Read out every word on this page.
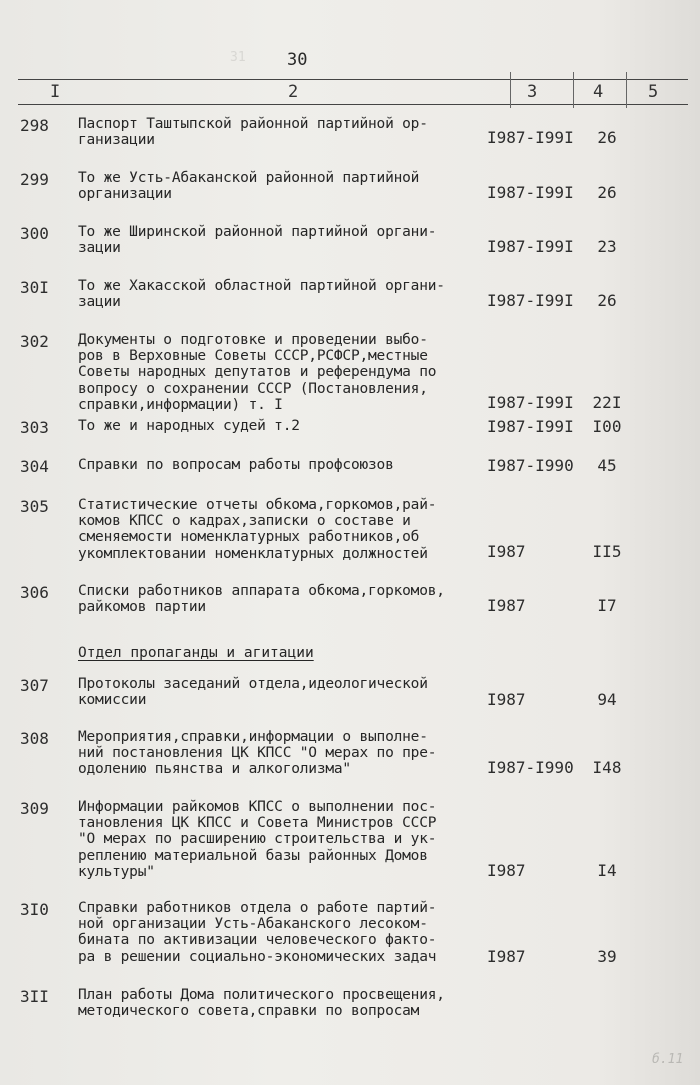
31 30
I	2	3	4	5
298 Паспорт Таштыпской районной партийной ор-
ганизации	I987-I99I	26
299 То же Усть-Абаканской районной партийной
организации	I987-I99I	26
300 То же Ширинской районной партийной органи-
зации	I987-I99I	23
30I То же Хакасской областной партийной органи-
зации	I987-I99I	26
302 Документы о подготовке и проведении выбо-
ров в Верховные Советы СССР,РСФСР,местные
Советы народных депутатов и референдума по
вопросу о сохранении СССР (Постановления,
справки,информации) т. I	I987-I99I 22I
303 То же и народных судей т.2	I987-I99I I00
304 Справки по вопросам работы профсоюзов	I987-I990	45
305 Статистические отчеты обкома,горкомов,рай-
комов КПСС о кадрах,записки о составе и
сменяемости номенклатурных работников,об
укомплектовании номенклатурных должностей	I987	II5
306 Списки работников аппарата обкома,горкомов,
райкомов партии	I987	I7
Отдел пропаганды и агитации
307 Протоколы заседаний отдела,идеологической
комиссии	I987	94
308 Мероприятия,справки,информации о выполне-
ний постановления ЦК КПСС "О мерах по пре-
одолению пьянства и алкоголизма"	I987-I990 I48
309 Информации райкомов КПСС о выполнении пос-
тановления ЦК КПСС и Совета Министров СССР
"О мерах по расширению строительства и ук-
реплению материальной базы районных Домов
культуры"	I987	I4
3I0 Справки работников отдела о работе партий-
ной организации Усть-Абаканского лесоком-
бината по активизации человеческого факто-
ра в решении социально-экономических задач	I987	39
3II План работы Дома политического просвещения,
методического совета,справки по вопросам
б.11
